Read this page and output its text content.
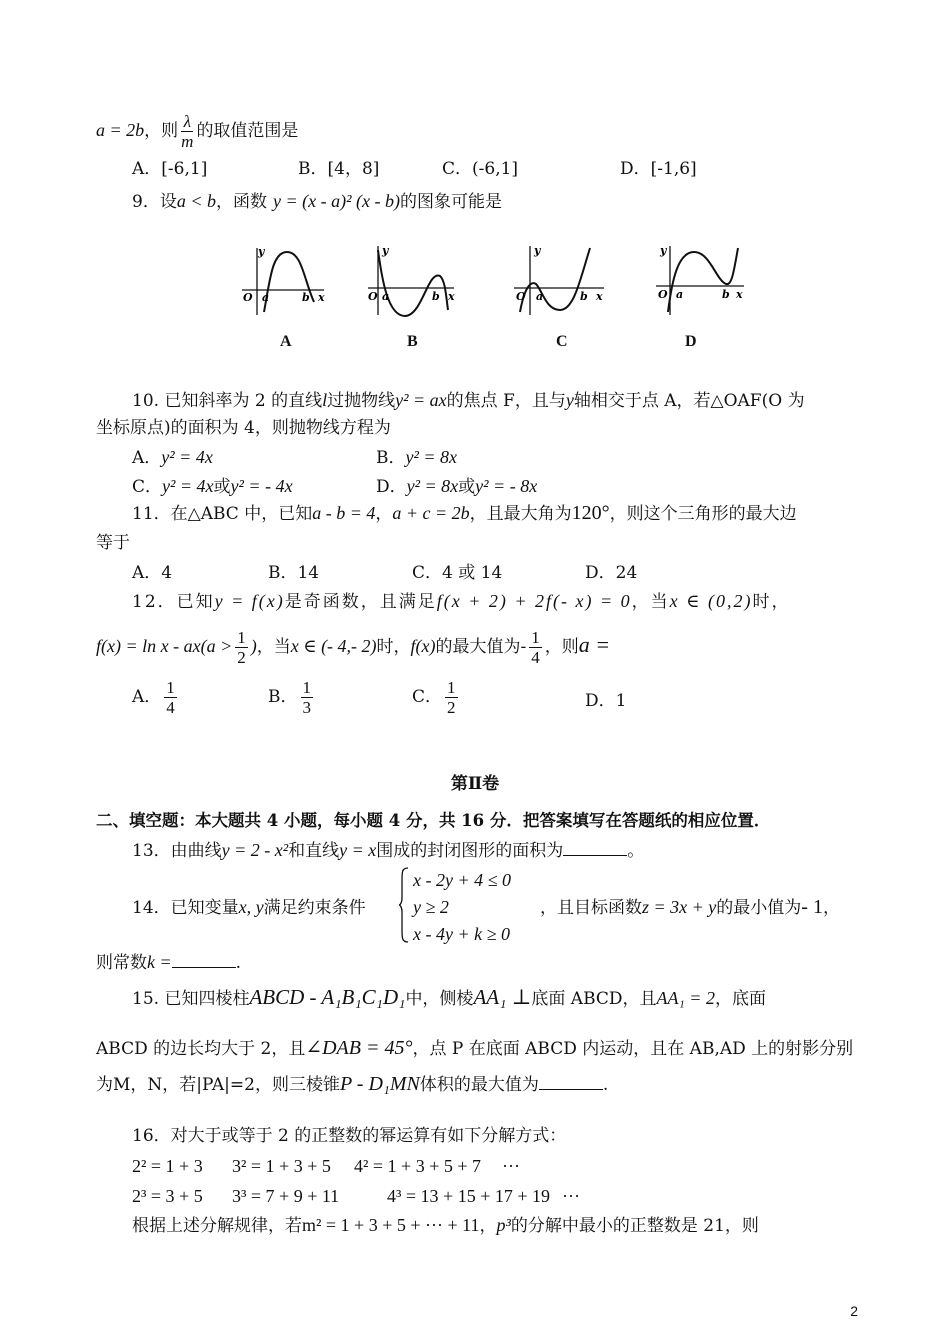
a = 2b，则 $\frac{\lambda}{m}$ 的取值范围是
A．[-6,1]	B．[4，8]	C．(-6,1]	D．[-1,6]
9．设a < b，函数 y = (x - a)² (x - b)的图象可能是
y
O a	b x
A
y
O a	b x
B
y
O a	b x
C
y
O a	b x
D
10. 已知斜率为 2 的直线l过抛物线y² = ax的焦点 F，且与y轴相交于点 A，若△OAF(O 为
坐标原点)的面积为 4，则抛物线方程为
A．y² = 4x	B．y² = 8x
C．y² = 4x或y² = - 4x	D．y² = 8x或y² = - 8x
11．在△ABC 中，已知a - b = 4，a + c = 2b，且最大角为120°，则这个三角形的最大边
等于
A．4	B．14	C．4 或 14	D．24
12．已知y = f(x)是奇函数，且满足f(x + 2) + 2f(- x) = 0，当x ∈ (0,2)时，
$f(x) = \ln x - ax(a > \frac{1}{2}$ )，当x ∈ (- 4,- 2)时，f(x)的最大值为- $\frac{1}{4}$ ，则a =
A． $\frac{1}{4}$	B． $\frac{1}{3}$	C． $\frac{1}{2}$	D．1
第Ⅱ卷
二、填空题：本大题共 4 小题，每小题 4 分，共 16 分．把答案填写在答题纸的相应位置．
13．由曲线y = 2 - x²和直线y = x围成的封闭图形的面积为	。
14．已知变量x, y满足约束条件
x - 2y + 4 ≤ 0
y ≥ 2
x - 4y + k ≥ 0
，且目标函数z = 3x + y的最小值为- 1，
则常数k =	.
15. 已知四棱柱ABCD - A₁B₁C₁D₁中，侧棱AA₁ ⊥底面 ABCD，且AA₁ = 2，底面
ABCD 的边长均大于 2，且∠DAB = 45°，点 P 在底面 ABCD 内运动，且在 AB,AD 上的射影分别
为M，N，若|PA|=2，则三棱锥P - D₁MN体积的最大值为	.
16．对大于或等于 2 的正整数的幂运算有如下分解方式：
2² = 1 + 3 3² = 1 + 3 + 5 4² = 1 + 3 + 5 + 7 ···
2³ = 3 + 5 3³ = 7 + 9 + 11	4³ = 13 + 15 + 17 + 19 ···
根据上述分解规律，若m² = 1 + 3 + 5 + ··· + 11，p³的分解中最小的正整数是 21，则
2
